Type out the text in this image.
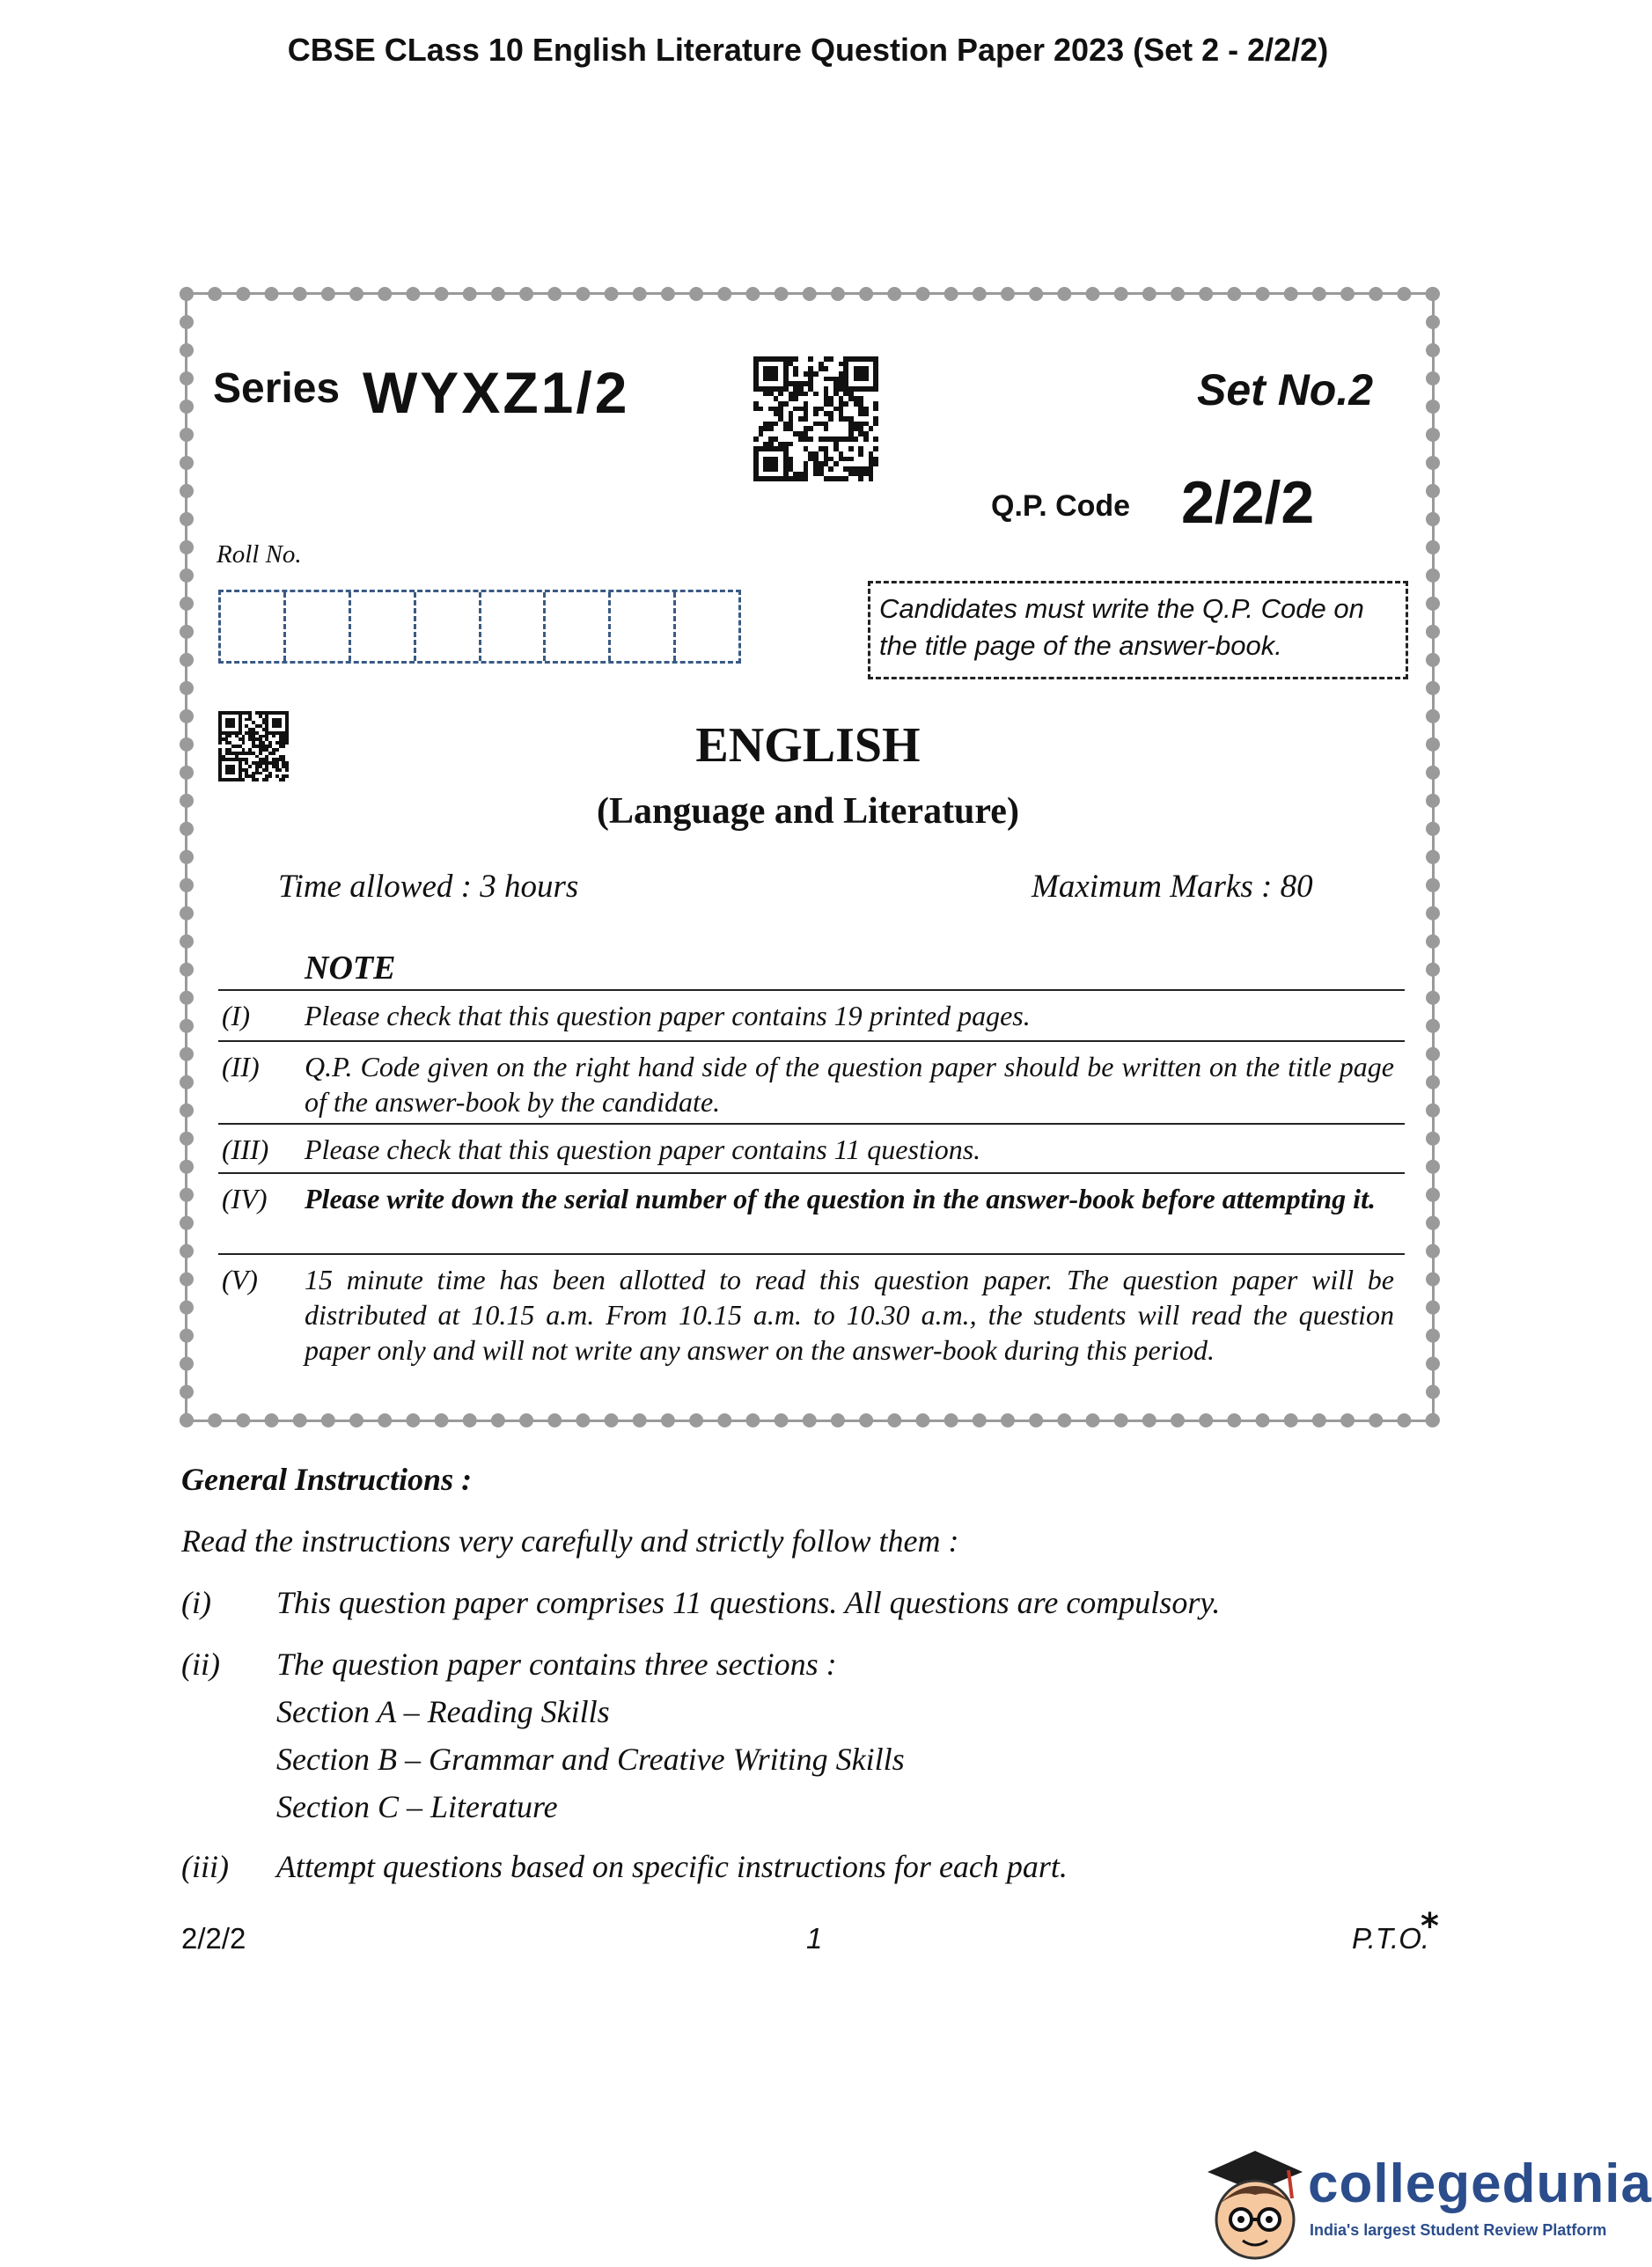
CBSE CLass 10 English Literature Question Paper 2023 (Set 2 - 2/2/2)
Series WYXZ1/2	Set No.2
Q.P. Code 2/2/2
Roll No.
Candidates must write the Q.P. Code on the title page of the answer-book.
ENGLISH
(Language and Literature)
Time allowed : 3 hours	Maximum Marks : 80
NOTE
(I) Please check that this question paper contains 19 printed pages.
(II) Q.P. Code given on the right hand side of the question paper should be written on the title page of the answer-book by the candidate.
(III) Please check that this question paper contains 11 questions.
(IV) Please write down the serial number of the question in the answer-book before attempting it.
(V) 15 minute time has been allotted to read this question paper. The question paper will be distributed at 10.15 a.m. From 10.15 a.m. to 10.30 a.m., the students will read the question paper only and will not write any answer on the answer-book during this period.
General Instructions :
Read the instructions very carefully and strictly follow them :
(i) This question paper comprises 11 questions. All questions are compulsory.
(ii) The question paper contains three sections :
Section A – Reading Skills
Section B – Grammar and Creative Writing Skills
Section C – Literature
(iii) Attempt questions based on specific instructions for each part.
2/2/2	1	P.T.O.
*
collegedunia
India's largest Student Review Platform
